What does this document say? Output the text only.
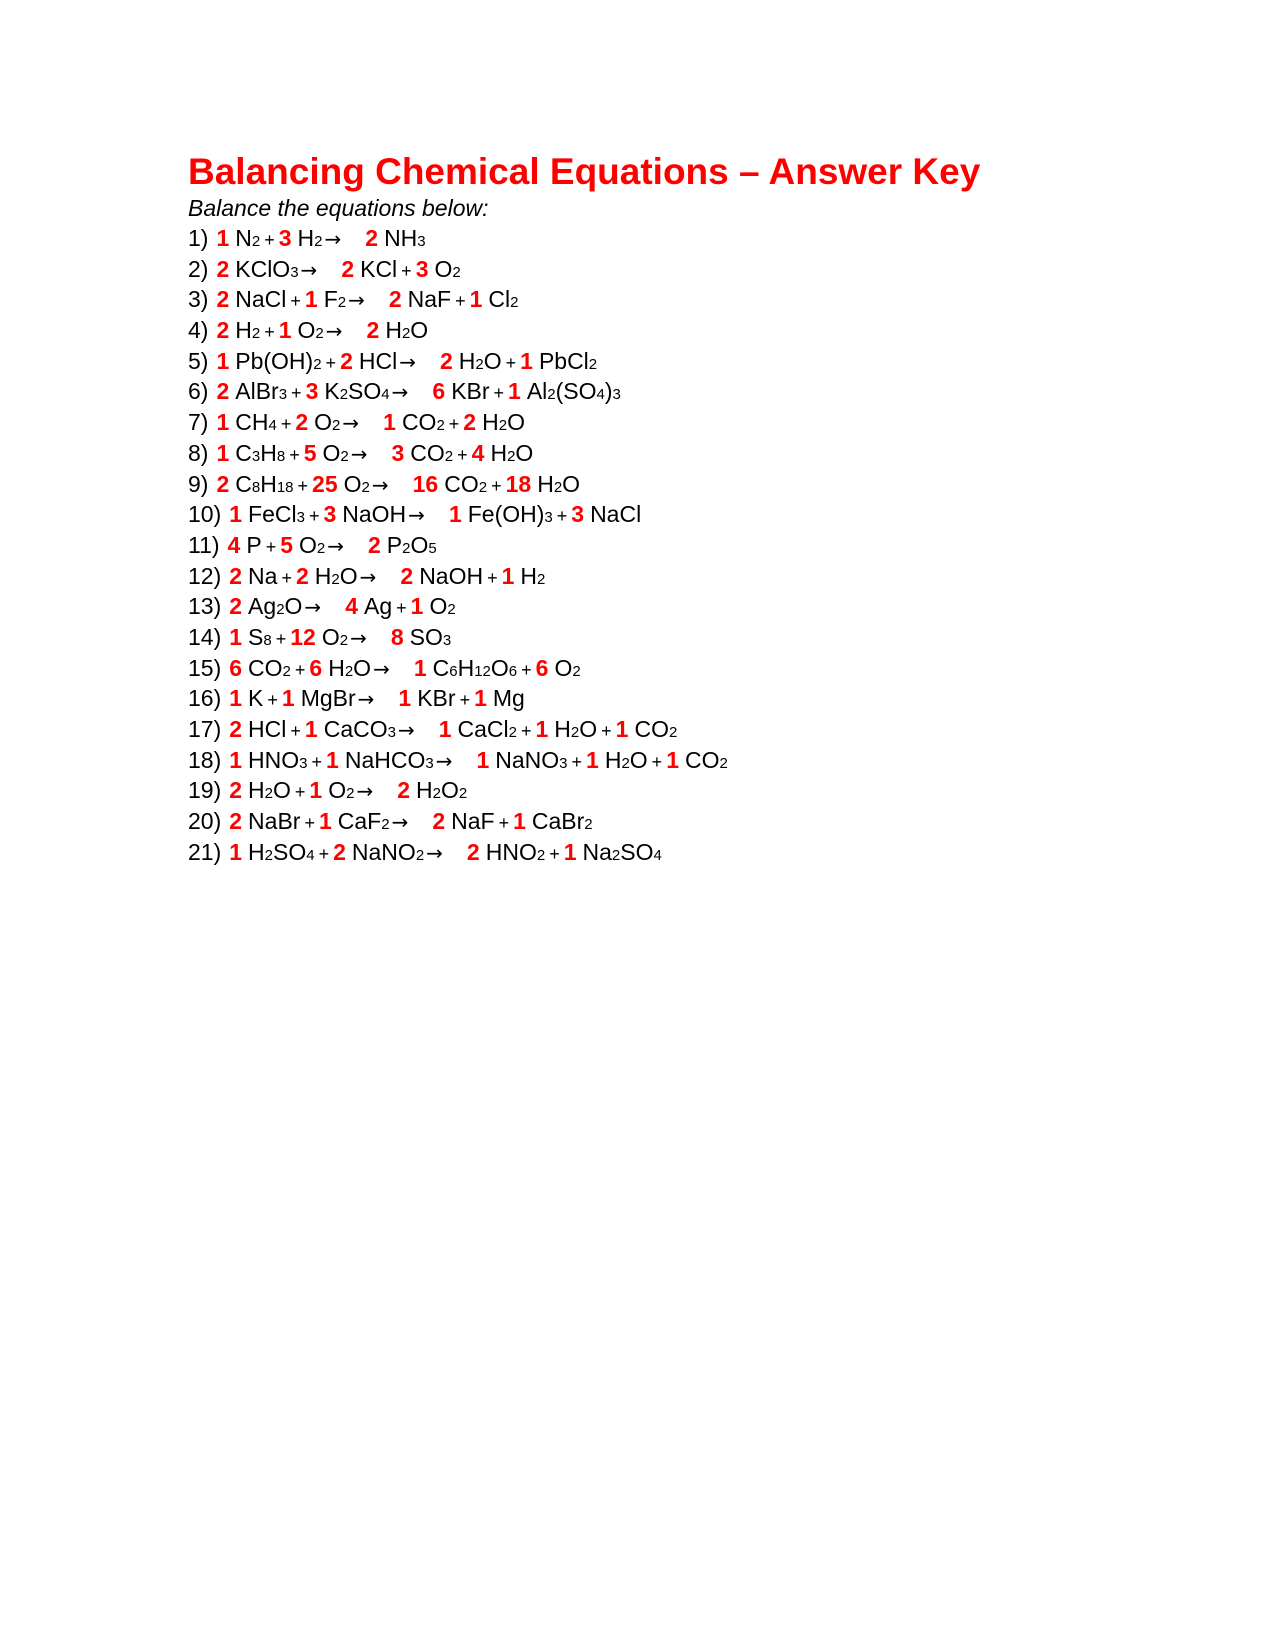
Balancing Chemical Equations – Answer Key

Balance the equations below:

1) 1 N2 + 3 H2 → 2 NH3
2) 2 KClO3 → 2 KCl + 3 O2
3) 2 NaCl + 1 F2 → 2 NaF + 1 Cl2
4) 2 H2 + 1 O2 → 2 H2O
5) 1 Pb(OH)2 + 2 HCl → 2 H2O + 1 PbCl2
6) 2 AlBr3 + 3 K2SO4 → 6 KBr + 1 Al2(SO4)3
7) 1 CH4 + 2 O2 → 1 CO2 + 2 H2O
8) 1 C3H8 + 5 O2 → 3 CO2 + 4 H2O
9) 2 C8H18 + 25 O2 → 16 CO2 + 18 H2O
10) 1 FeCl3 + 3 NaOH → 1 Fe(OH)3 + 3 NaCl
11) 4 P + 5 O2 → 2 P2O5
12) 2 Na + 2 H2O → 2 NaOH + 1 H2
13) 2 Ag2O → 4 Ag + 1 O2
14) 1 S8 + 12 O2 → 8 SO3
15) 6 CO2 + 6 H2O → 1 C6H12O6 + 6 O2
16) 1 K + 1 MgBr → 1 KBr + 1 Mg
17) 2 HCl + 1 CaCO3 → 1 CaCl2 + 1 H2O + 1 CO2
18) 1 HNO3 + 1 NaHCO3 → 1 NaNO3 + 1 H2O + 1 CO2
19) 2 H2O + 1 O2 → 2 H2O2
20) 2 NaBr + 1 CaF2 → 2 NaF + 1 CaBr2
21) 1 H2SO4 + 2 NaNO2 → 2 HNO2 + 1 Na2SO4
